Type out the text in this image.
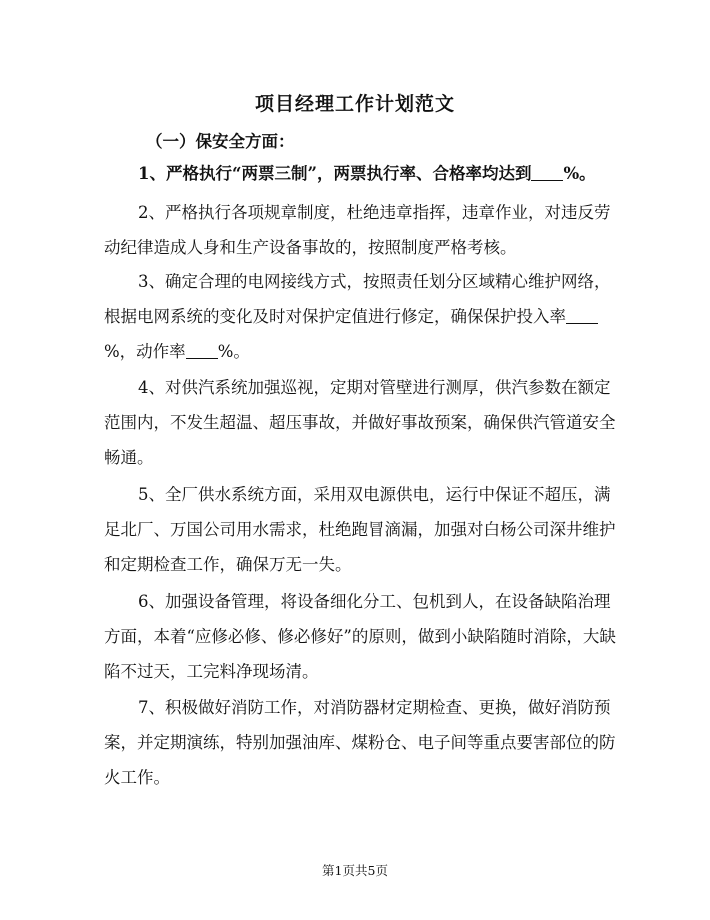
项目经理工作计划范文
（一）保安全方面：

1、严格执行“两票三制”，两票执行率、合格率均达到 %。

2、严格执行各项规章制度，杜绝违章指挥，违章作业，对违反劳动纪律造成人身和生产设备事故的，按照制度严格考核。

3、确定合理的电网接线方式，按照责任划分区域精心维护网络，根据电网系统的变化及时对保护定值进行修定，确保保护投入率%，动作率 %。

4、对供汽系统加强巡视，定期对管壁进行测厚，供汽参数在额定范围内，不发生超温、超压事故，并做好事故预案，确保供汽管道安全畅通。

5、全厂供水系统方面，采用双电源供电，运行中保证不超压，满足北厂、万国公司用水需求，杜绝跑冒滴漏，加强对白杨公司深井维护和定期检查工作，确保万无一失。

6、加强设备管理，将设备细化分工、包机到人，在设备缺陷治理方面，本着“应修必修、修必修好”的原则，做到小缺陷随时消除，大缺陷不过天，工完料净现场清。

7、积极做好消防工作，对消防器材定期检查、更换，做好消防预案，并定期演练，特别加强油库、煤粉仓、电子间等重点要害部位的防火工作。

第1页共5页
